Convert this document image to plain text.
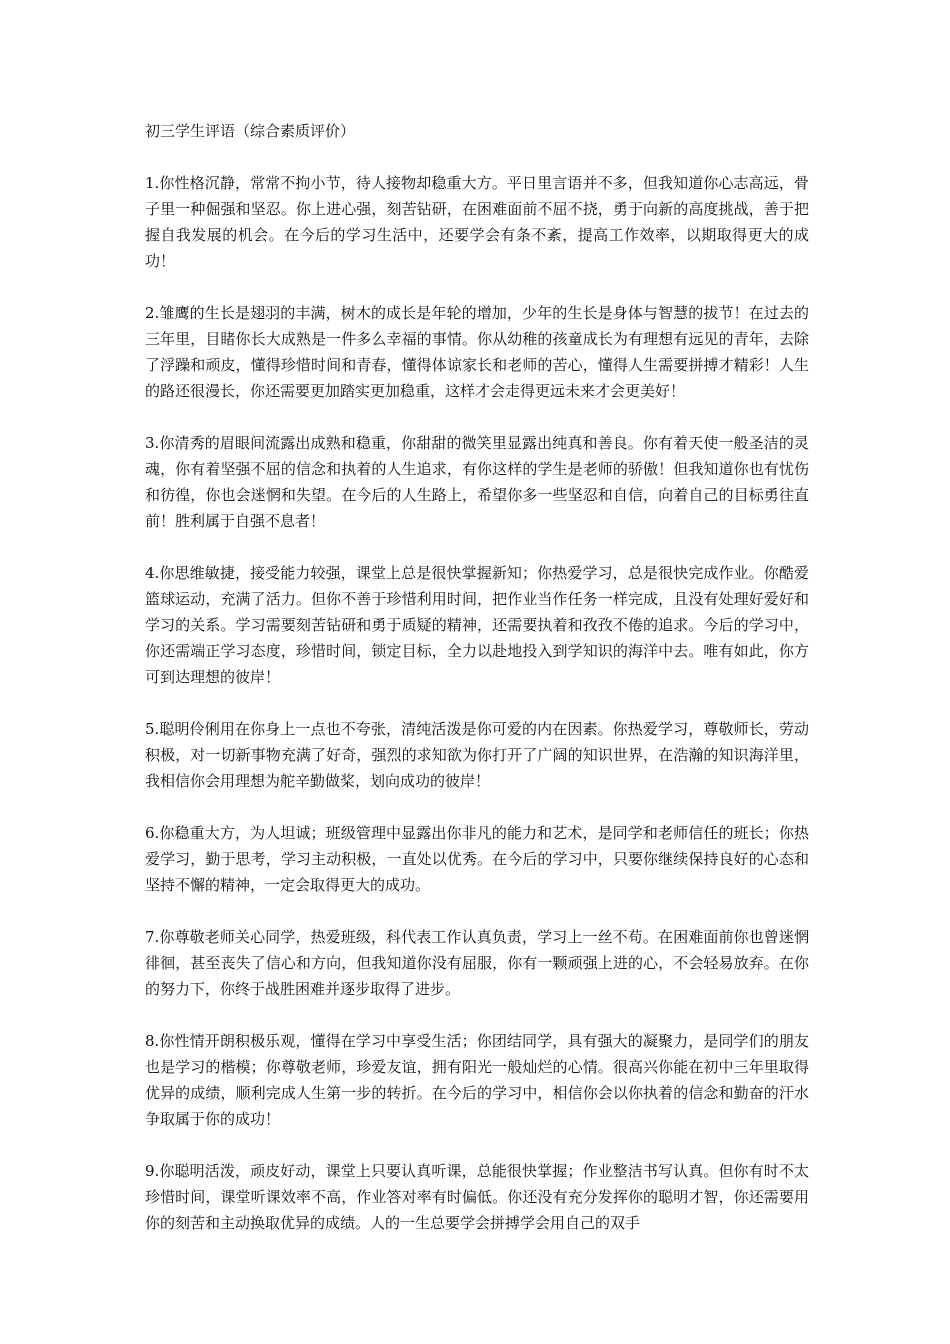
初三学生评语（综合素质评价）

1.你性格沉静，常常不拘小节，待人接物却稳重大方。平日里言语并不多，但我知道你心志高远，骨子里一种倔强和坚忍。你上进心强，刻苦钻研，在困难面前不屈不挠，勇于向新的高度挑战，善于把握自我发展的机会。在今后的学习生活中，还要学会有条不紊，提高工作效率，以期取得更大的成功！

2.雏鹰的生长是翅羽的丰满，树木的成长是年轮的增加，少年的生长是身体与智慧的拔节！在过去的三年里，目睹你长大成熟是一件多么幸福的事情。你从幼稚的孩童成长为有理想有远见的青年，去除了浮躁和顽皮，懂得珍惜时间和青春，懂得体谅家长和老师的苦心，懂得人生需要拼搏才精彩！人生的路还很漫长，你还需要更加踏实更加稳重，这样才会走得更远未来才会更美好！

3.你清秀的眉眼间流露出成熟和稳重，你甜甜的微笑里显露出纯真和善良。你有着天使一般圣洁的灵魂，你有着坚强不屈的信念和执着的人生追求，有你这样的学生是老师的骄傲！但我知道你也有忧伤和彷徨，你也会迷惘和失望。在今后的人生路上，希望你多一些坚忍和自信，向着自己的目标勇往直前！胜利属于自强不息者！

4.你思维敏捷，接受能力较强，课堂上总是很快掌握新知；你热爱学习，总是很快完成作业。你酷爱篮球运动，充满了活力。但你不善于珍惜利用时间，把作业当作任务一样完成，且没有处理好爱好和学习的关系。学习需要刻苦钻研和勇于质疑的精神，还需要执着和孜孜不倦的追求。今后的学习中，你还需端正学习态度，珍惜时间，锁定目标，全力以赴地投入到学知识的海洋中去。唯有如此，你方可到达理想的彼岸！

5.聪明伶俐用在你身上一点也不夸张，清纯活泼是你可爱的内在因素。你热爱学习，尊敬师长，劳动积极，对一切新事物充满了好奇，强烈的求知欲为你打开了广阔的知识世界，在浩瀚的知识海洋里，我相信你会用理想为舵辛勤做桨，划向成功的彼岸！

6.你稳重大方，为人坦诚；班级管理中显露出你非凡的能力和艺术，是同学和老师信任的班长；你热爱学习，勤于思考，学习主动积极，一直处以优秀。在今后的学习中，只要你继续保持良好的心态和坚持不懈的精神，一定会取得更大的成功。

7.你尊敬老师关心同学，热爱班级，科代表工作认真负责，学习上一丝不苟。在困难面前你也曾迷惘徘徊，甚至丧失了信心和方向，但我知道你没有屈服，你有一颗顽强上进的心，不会轻易放弃。在你的努力下，你终于战胜困难并逐步取得了进步。

8.你性情开朗积极乐观，懂得在学习中享受生活；你团结同学，具有强大的凝聚力，是同学们的朋友也是学习的楷模；你尊敬老师，珍爱友谊，拥有阳光一般灿烂的心情。很高兴你能在初中三年里取得优异的成绩，顺利完成人生第一步的转折。在今后的学习中，相信你会以你执着的信念和勤奋的汗水争取属于你的成功！

9.你聪明活泼，顽皮好动，课堂上只要认真听课，总能很快掌握；作业整洁书写认真。但你有时不太珍惜时间，课堂听课效率不高，作业答对率有时偏低。你还没有充分发挥你的聪明才智，你还需要用你的刻苦和主动换取优异的成绩。人的一生总要学会拼搏学会用自己的双手
